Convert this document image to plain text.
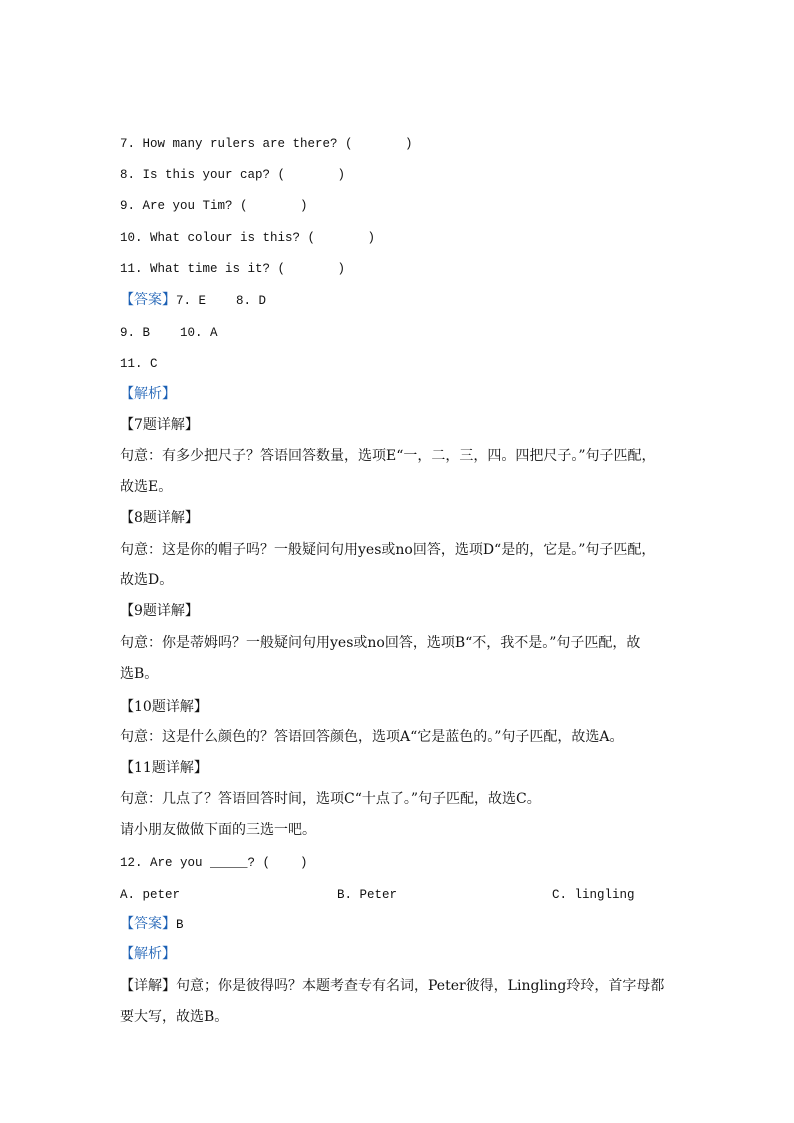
7. How many rulers are there? (       )
8. Is this your cap? (       )
9. Are you Tim? (       )
10. What colour is this? (       )
11. What time is it? (       )
【答案】7. E    8. D
9. B    10. A
11. C
【解析】
【7题详解】
句意：有多少把尺子？答语回答数量，选项E“一，二，三，四。四把尺子。”句子匹配，
故选E。
【8题详解】
句意：这是你的帽子吗？一般疑问句用yes或no回答，选项D“是的，它是。”句子匹配，
故选D。
【9题详解】
句意：你是蒂姆吗？一般疑问句用yes或no回答，选项B“不，我不是。”句子匹配，故
选B。
【10题详解】
句意：这是什么颜色的？答语回答颜色，选项A“它是蓝色的。”句子匹配，故选A。
【11题详解】
句意：几点了？答语回答时间，选项C“十点了。”句子匹配，故选C。
请小朋友做做下面的三选一吧。
12. Are you _____? (    )
A. peter	B. Peter	C. lingling
【答案】B
【解析】
【详解】句意；你是彼得吗？本题考查专有名词，Peter彼得，Lingling玲玲，首字母都
要大写，故选B。
